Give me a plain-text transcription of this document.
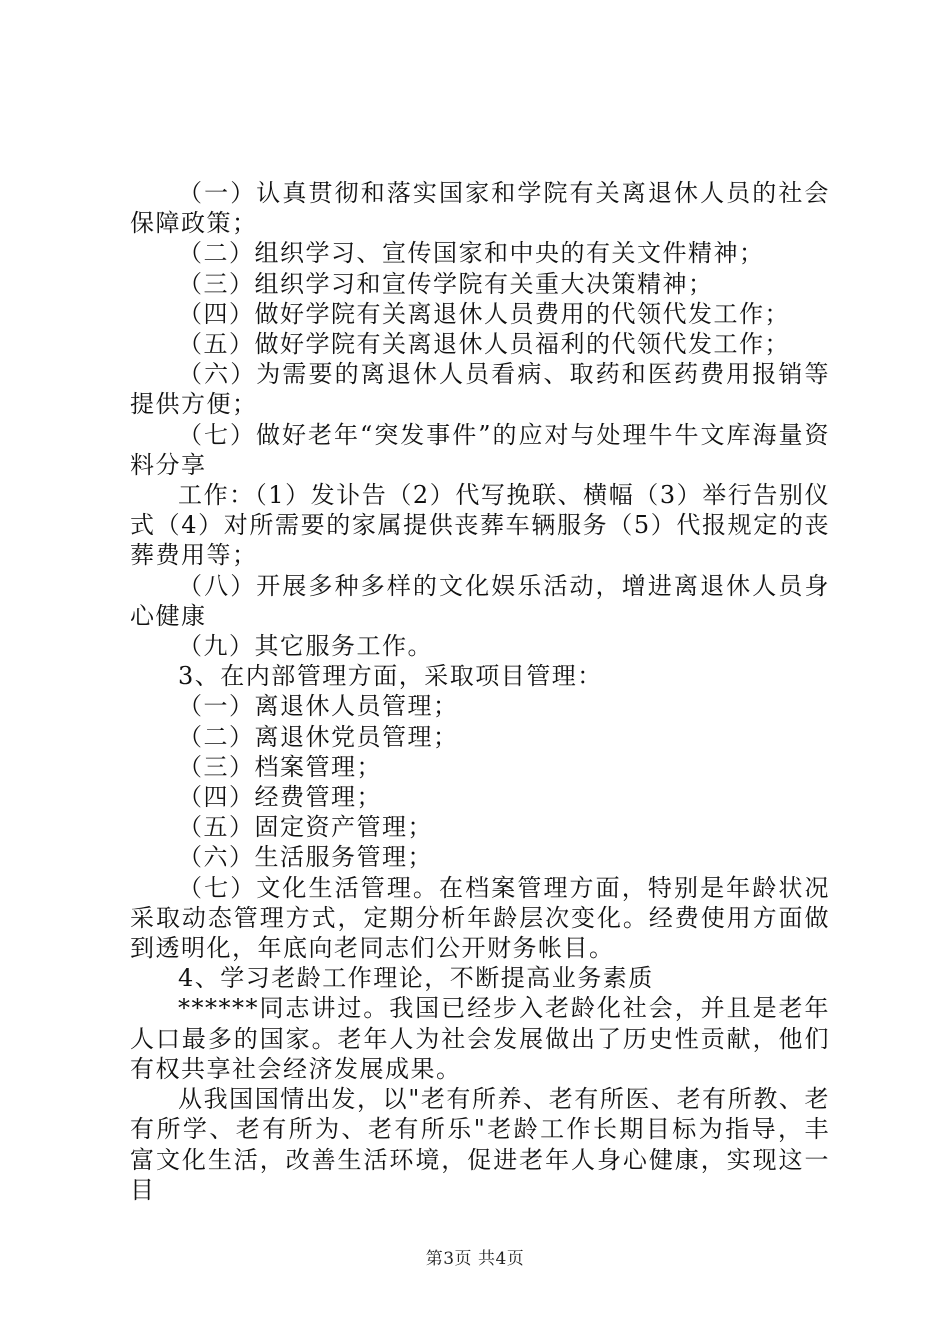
（一）认真贯彻和落实国家和学院有关离退休人员的社会保障政策；

（二）组织学习、宣传国家和中央的有关文件精神；

（三）组织学习和宣传学院有关重大决策精神；

（四）做好学院有关离退休人员费用的代领代发工作；

（五）做好学院有关离退休人员福利的代领代发工作；

（六）为需要的离退休人员看病、取药和医药费用报销等提供方便；

（七）做好老年“突发事件”的应对与处理牛牛文库海量资料分享

工作：（1）发讣告（2）代写挽联、横幅（3）举行告别仪式（4）对所需要的家属提供丧葬车辆服务（5）代报规定的丧葬费用等；

（八）开展多种多样的文化娱乐活动，增进离退休人员身心健康

（九）其它服务工作。

3、在内部管理方面，采取项目管理：

（一）离退休人员管理；

（二）离退休党员管理；

（三）档案管理；

（四）经费管理；

（五）固定资产管理；

（六）生活服务管理；

（七）文化生活管理。在档案管理方面，特别是年龄状况采取动态管理方式，定期分析年龄层次变化。经费使用方面做到透明化，年底向老同志们公开财务帐目。

4、学习老龄工作理论，不断提高业务素质

******同志讲过。我国已经步入老龄化社会，并且是老年人口最多的国家。老年人为社会发展做出了历史性贡献，他们有权共享社会经济发展成果。

从我国国情出发，以"老有所养、老有所医、老有所教、老有所学、老有所为、老有所乐"老龄工作长期目标为指导，丰富文化生活，改善生活环境，促进老年人身心健康，实现这一目

第3页 共4页
